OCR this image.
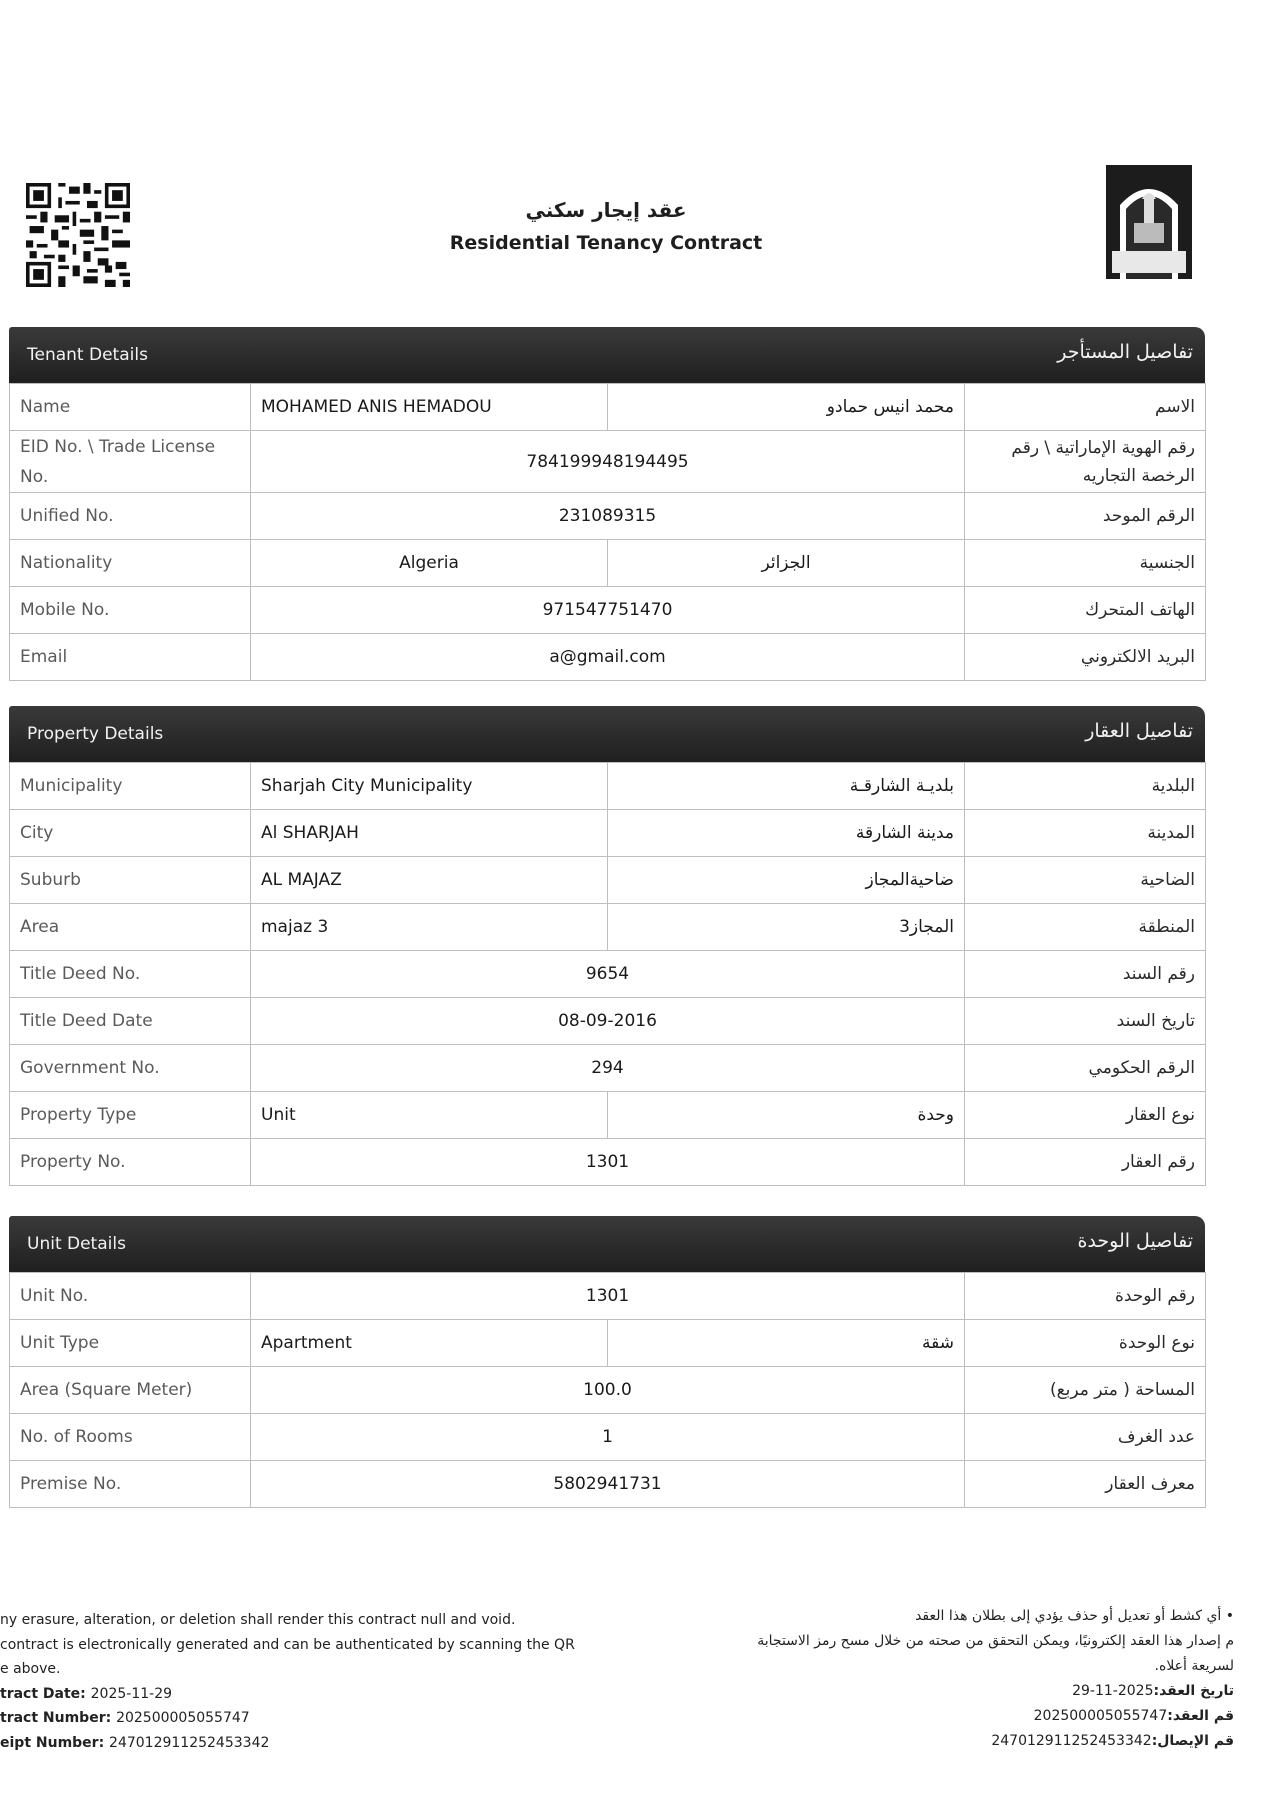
عقد إيجار سكني
Residential Tenancy Contract
Tenant Details	تفاصيل المستأجر
Name	MOHAMED ANIS HEMADOU	محمد انيس حمادو	الاسم
EID No. \ Trade License No.	784199948194495		رقم الهوية الإماراتية \ رقم الرخصة التجاريه
Unified No.	231089315		الرقم الموحد
Nationality	Algeria	الجزائر	الجنسية
Mobile No.	971547751470		الهاتف المتحرك
Email	a@gmail.com		البريد الالكتروني
Property Details	تفاصيل العقار
Municipality	Sharjah City Municipality	بلديـة الشارقـة	البلدية
City	Al SHARJAH	مدينة الشارقة	المدينة
Suburb	AL MAJAZ	ضاحيةالمجاز	الضاحية
Area	majaz 3	المجاز3	المنطقة
Title Deed No.	9654		رقم السند
Title Deed Date	08-09-2016		تاريخ السند
Government No.	294		الرقم الحكومي
Property Type	Unit	وحدة	نوع العقار
Property No.	1301		رقم العقار
Unit Details	تفاصيل الوحدة
Unit No.	1301		رقم الوحدة
Unit Type	Apartment	شقة	نوع الوحدة
Area (Square Meter)	100.0		المساحة ( متر مربع)
No. of Rooms	1		عدد الغرف
Premise No.	5802941731		معرف العقار
ny erasure, alteration, or deletion shall render this contract null and void.
contract is electronically generated and can be authenticated by scanning the QR
e above.
tract Date: 2025-11-29
tract Number: 202500005055747
eipt Number: 247012911252453342
• أي كشط أو تعديل أو حذف يؤدي إلى بطلان هذا العقد
م إصدار هذا العقد إلكترونيًا، ويمكن التحقق من صحته من خلال مسح رمز الاستجابة
لسريعة أعلاه.
تاريخ العقد:2025-11-29
قم العقد:202500005055747
قم الإيصال:247012911252453342
